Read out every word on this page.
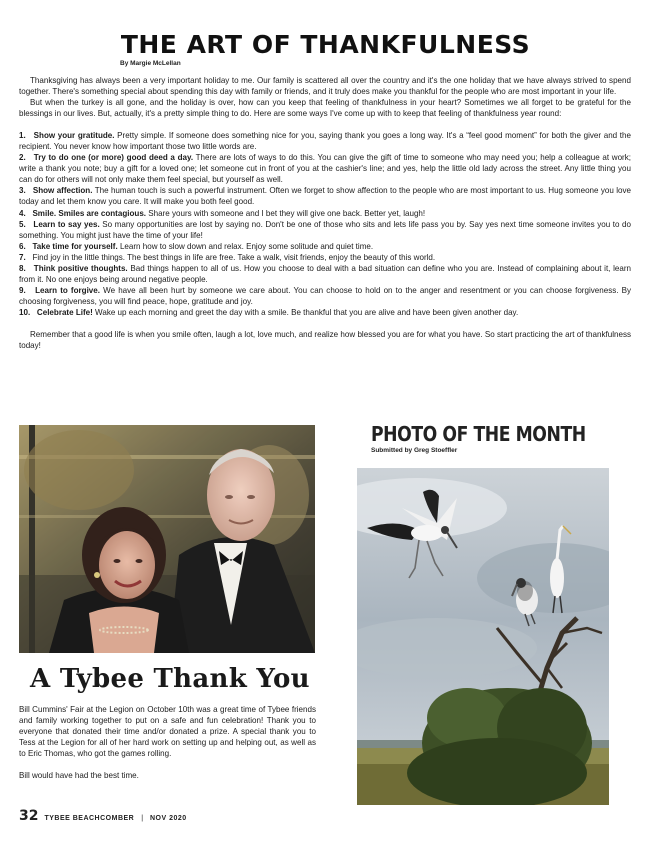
THE ART OF THANKFULNESS
By Margie McLellan

Thanksgiving has always been a very important holiday to me. Our family is scattered all over the country and it's the one holiday that we have always strived to spend together. There's something special about spending this day with family or friends, and it truly does make you thankful for the people who are most important in your life.

But when the turkey is all gone, and the holiday is over, how can you keep that feeling of thankfulness in your heart? Sometimes we all forget to be grateful for the blessings in our lives. But, actually, it's a pretty simple thing to do. Here are some ways I've come up with to keep that feeling of thankfulness year round:

1. Show your gratitude. Pretty simple. If someone does something nice for you, saying thank you goes a long way. It's a “feel good moment” for both the giver and the recipient. You never know how important those two little words are.

2. Try to do one (or more) good deed a day. There are lots of ways to do this. You can give the gift of time to someone who may need you; help a colleague at work; write a thank you note; buy a gift for a loved one; let someone cut in front of you at the cashier's line; and yes, help the little old lady across the street. Any little thing you can do for others will not only make them feel special, but yourself as well.

3. Show affection. The human touch is such a powerful instrument. Often we forget to show affection to the people who are most important to us. Hug someone you love today and let them know you care. It will make you both feel good.

4. Smile. Smiles are contagious. Share yours with someone and I bet they will give one back. Better yet, laugh!

5. Learn to say yes. So many opportunities are lost by saying no. Don't be one of those who sits and lets life pass you by. Say yes next time someone invites you to do something. You might just have the time of your life!

6. Take time for yourself. Learn how to slow down and relax. Enjoy some solitude and quiet time.

7. Find joy in the little things. The best things in life are free. Take a walk, visit friends, enjoy the beauty of this world.

8. Think positive thoughts. Bad things happen to all of us. How you choose to deal with a bad situation can define who you are. Instead of complaining about it, learn from it. No one enjoys being around negative people.

9. Learn to forgive. We have all been hurt by someone we care about. You can choose to hold on to the anger and resentment or you can choose forgiveness. By choosing forgiveness, you will find peace, hope, gratitude and joy.

10. Celebrate Life! Wake up each morning and greet the day with a smile. Be thankful that you are alive and have been given another day.

Remember that a good life is when you smile often, laugh a lot, love much, and realize how blessed you are for what you have. So start practicing the art of thankfulness today!

PHOTO OF THE MONTH
Submitted by Greg Stoeffler
A Tybee Thank You

Bill Cummins' Fair at the Legion on October 10th was a great time of Tybee friends and family working together to put on a safe and fun celebration! Thank you to everyone that donated their time and/or donated a prize. A special thank you to Tess at the Legion for all of her hard work on setting up and helping out, as well as to Eric Thomas, who got the games rolling.

Bill would have had the best time.

32 TYBEE BEACHCOMBER | NOV 2020
